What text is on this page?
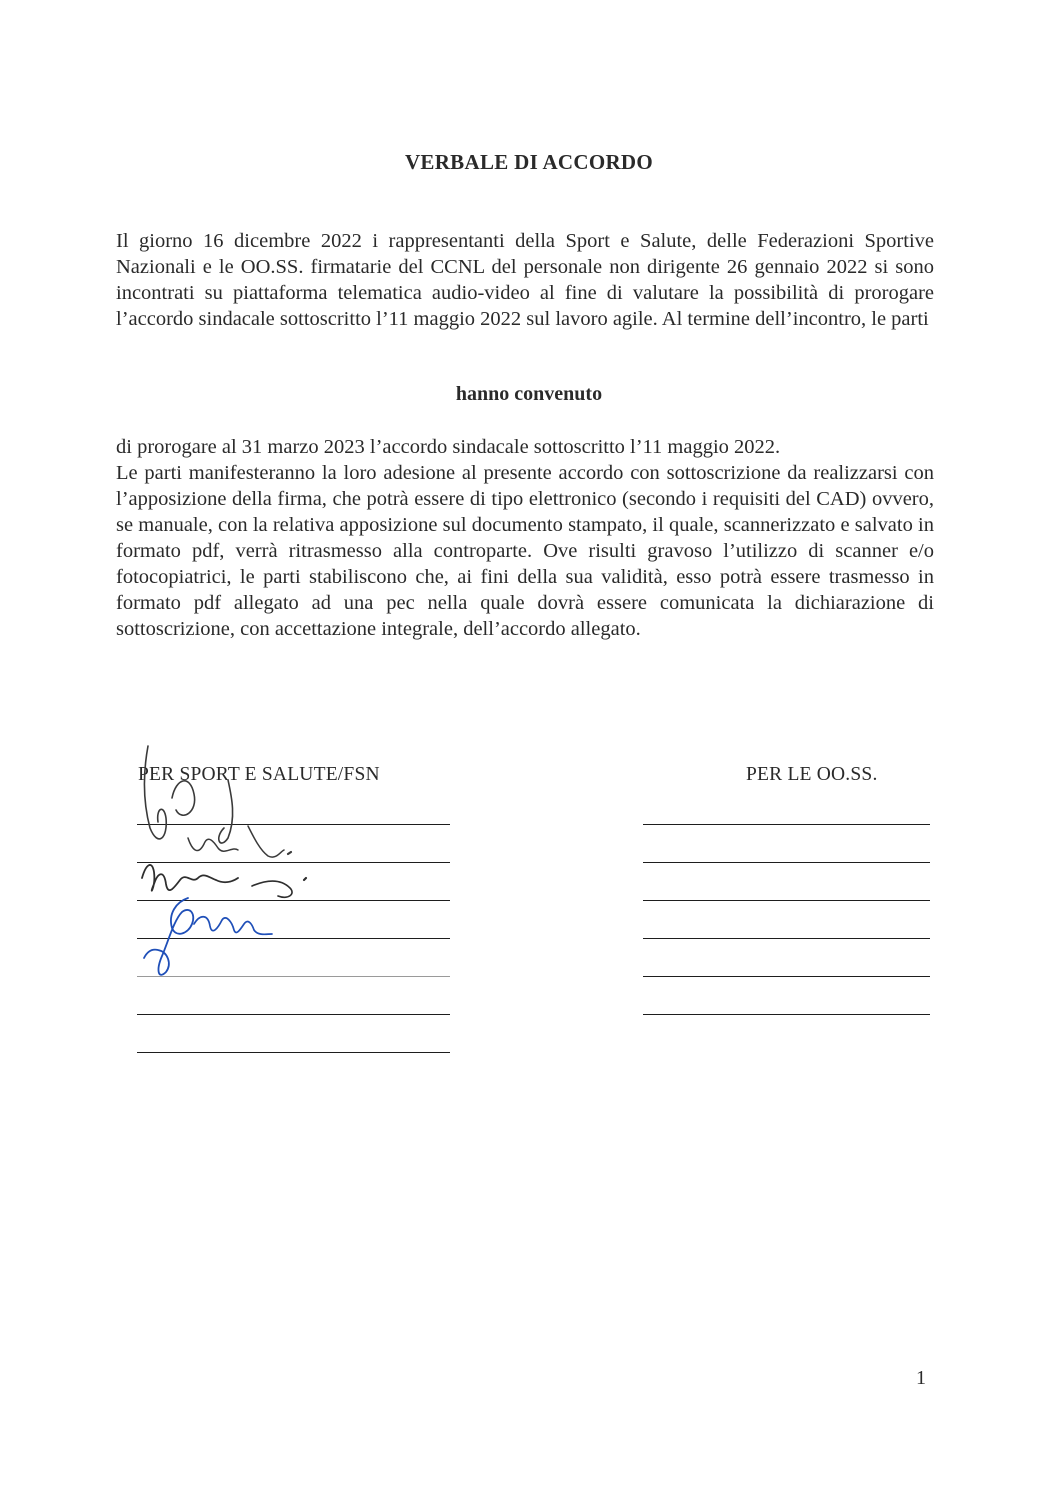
VERBALE DI ACCORDO
Il giorno 16 dicembre 2022 i rappresentanti della Sport e Salute, delle Federazioni Sportive Nazionali e le OO.SS. firmatarie del CCNL del personale non dirigente 26 gennaio 2022 si sono incontrati su piattaforma telematica audio-video al fine di valutare la possibilità di prorogare l’accordo sindacale sottoscritto l’11 maggio 2022 sul lavoro agile. Al termine dell’incontro, le parti
hanno convenuto

di prorogare al 31 marzo 2023 l’accordo sindacale sottoscritto l’11 maggio 2022.

Le parti manifesteranno la loro adesione al presente accordo con sottoscrizione da realizzarsi con l’apposizione della firma, che potrà essere di tipo elettronico (secondo i requisiti del CAD) ovvero, se manuale, con la relativa apposizione sul documento stampato, il quale, scannerizzato e salvato in formato pdf, verrà ritrasmesso alla controparte. Ove risulti gravoso l’utilizzo di scanner e/o fotocopiatrici, le parti stabiliscono che, ai fini della sua validità, esso potrà essere trasmesso in formato pdf allegato ad una pec nella quale dovrà essere comunicata la dichiarazione di sottoscrizione, con accettazione integrale, dell’accordo allegato.

PER SPORT E SALUTE/FSN	PER LE OO.SS.
1
